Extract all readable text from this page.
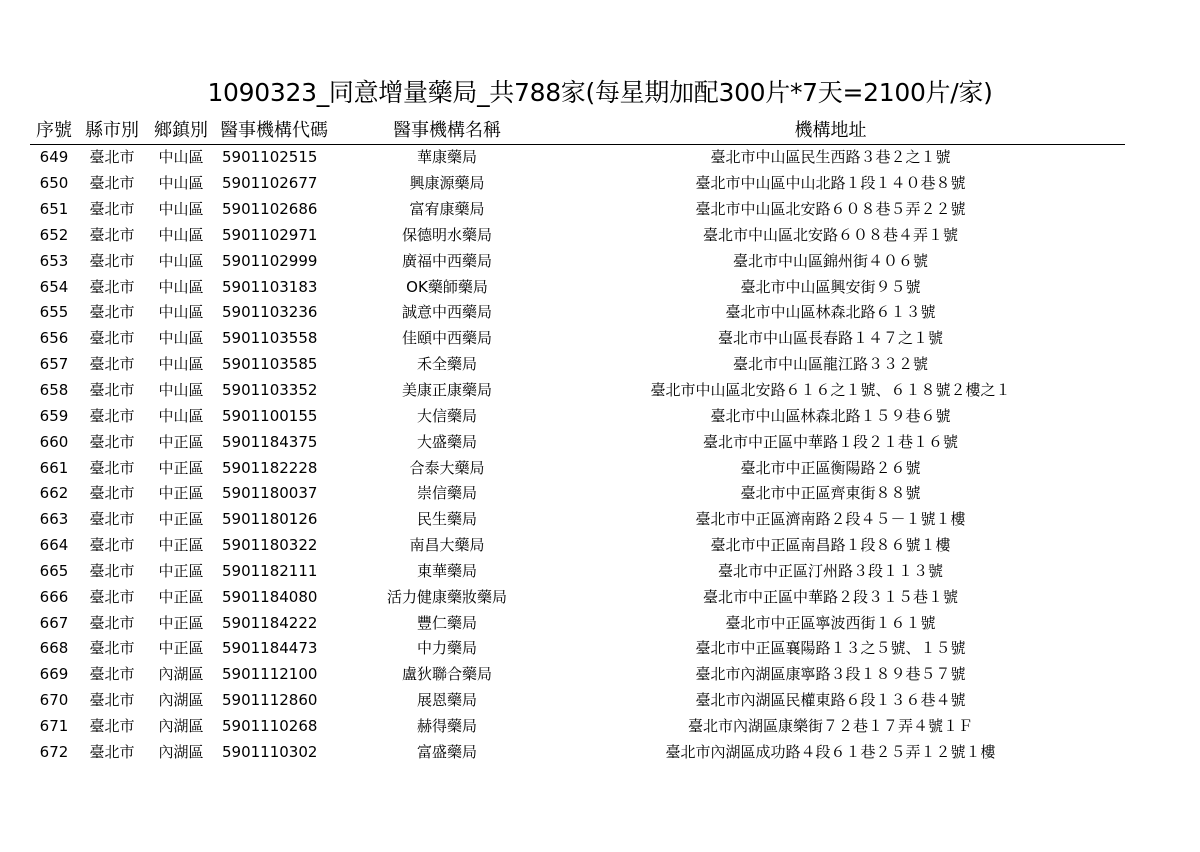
1090323_同意增量藥局_共788家(每星期加配300片*7天=2100片/家)
序號	縣市別	鄉鎮別	醫事機構代碼	醫事機構名稱	機構地址
649	臺北市	中山區	5901102515	華康藥局	臺北市中山區民生西路３巷２之１號
650	臺北市	中山區	5901102677	興康源藥局	臺北市中山區中山北路１段１４０巷８號
651	臺北市	中山區	5901102686	富宥康藥局	臺北市中山區北安路６０８巷５弄２２號
652	臺北市	中山區	5901102971	保德明水藥局	臺北市中山區北安路６０８巷４弄１號
653	臺北市	中山區	5901102999	廣福中西藥局	臺北市中山區錦州街４０６號
654	臺北市	中山區	5901103183	OK藥師藥局	臺北市中山區興安街９５號
655	臺北市	中山區	5901103236	誠意中西藥局	臺北市中山區林森北路６１３號
656	臺北市	中山區	5901103558	佳頤中西藥局	臺北市中山區長春路１４７之１號
657	臺北市	中山區	5901103585	禾全藥局	臺北市中山區龍江路３３２號
658	臺北市	中山區	5901103352	美康正康藥局	臺北市中山區北安路６１６之１號、６１８號２樓之１
659	臺北市	中山區	5901100155	大信藥局	臺北市中山區林森北路１５９巷６號
660	臺北市	中正區	5901184375	大盛藥局	臺北市中正區中華路１段２１巷１６號
661	臺北市	中正區	5901182228	合泰大藥局	臺北市中正區衡陽路２６號
662	臺北市	中正區	5901180037	崇信藥局	臺北市中正區齊東街８８號
663	臺北市	中正區	5901180126	民生藥局	臺北市中正區濟南路２段４５－１號１樓
664	臺北市	中正區	5901180322	南昌大藥局	臺北市中正區南昌路１段８６號１樓
665	臺北市	中正區	5901182111	東華藥局	臺北市中正區汀州路３段１１３號
666	臺北市	中正區	5901184080	活力健康藥妝藥局	臺北市中正區中華路２段３１５巷１號
667	臺北市	中正區	5901184222	豐仁藥局	臺北市中正區寧波西街１６１號
668	臺北市	中正區	5901184473	中力藥局	臺北市中正區襄陽路１３之５號、１５號
669	臺北市	內湖區	5901112100	盧狄聯合藥局	臺北市內湖區康寧路３段１８９巷５７號
670	臺北市	內湖區	5901112860	展恩藥局	臺北市內湖區民權東路６段１３６巷４號
671	臺北市	內湖區	5901110268	赫得藥局	臺北市內湖區康樂街７２巷１７弄４號１Ｆ
672	臺北市	內湖區	5901110302	富盛藥局	臺北市內湖區成功路４段６１巷２５弄１２號１樓
